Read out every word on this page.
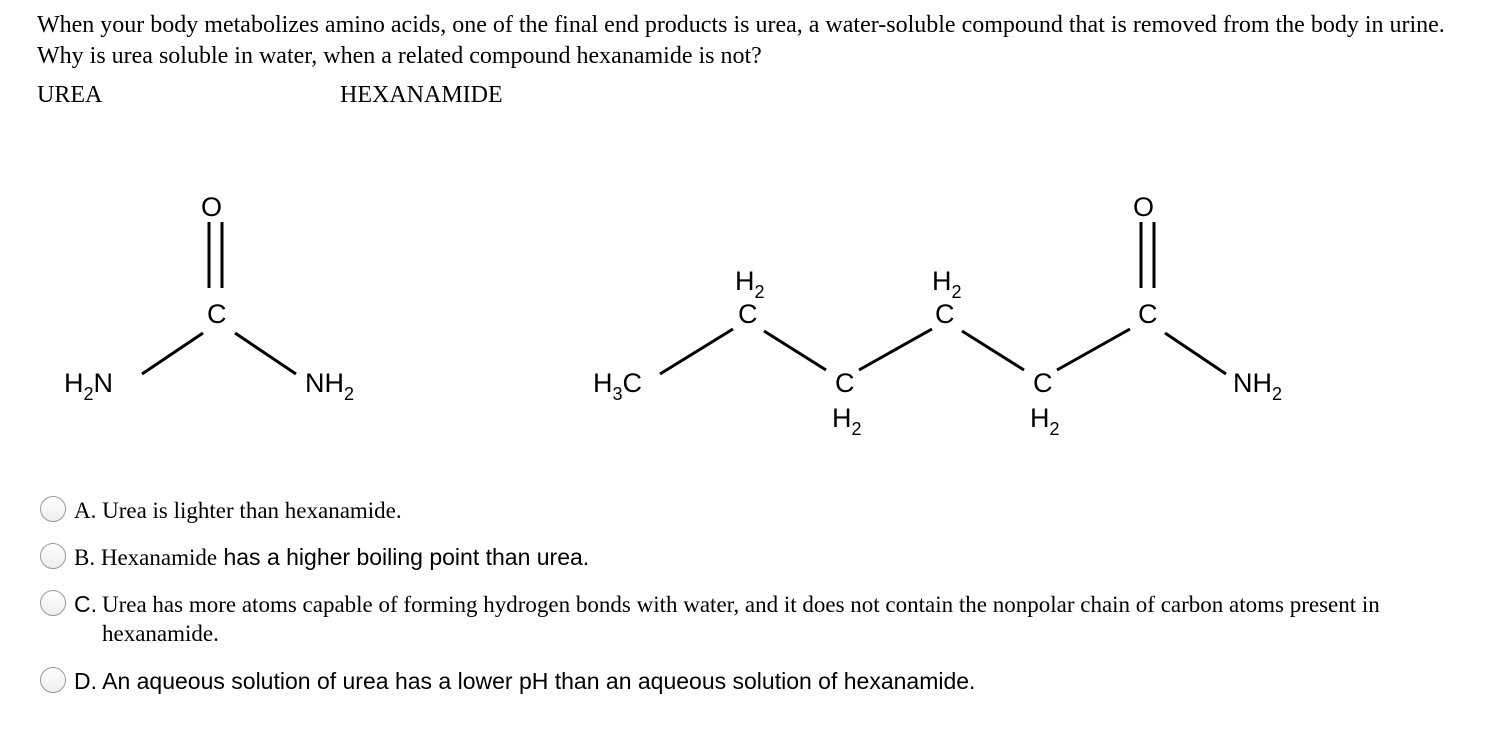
When your body metabolizes amino acids, one of the final end products is urea, a water-soluble compound that is removed from the body in urine. Why is urea soluble in water, when a related compound hexanamide is not?
UREA	HEXANAMIDE
O
C
$H_2N$	$NH_2$	$H_3C$
$H_2$
C
C
$H_2$
$H_2$
C
C
$H_2$
O
C
$NH_2$
A. Urea is lighter than hexanamide.
B. Hexanamide has a higher boiling point than urea.
C. Urea has more atoms capable of forming hydrogen bonds with water, and it does not contain the nonpolar chain of carbon atoms present in hexanamide.
D. An aqueous solution of urea has a lower pH than an aqueous solution of hexanamide.
